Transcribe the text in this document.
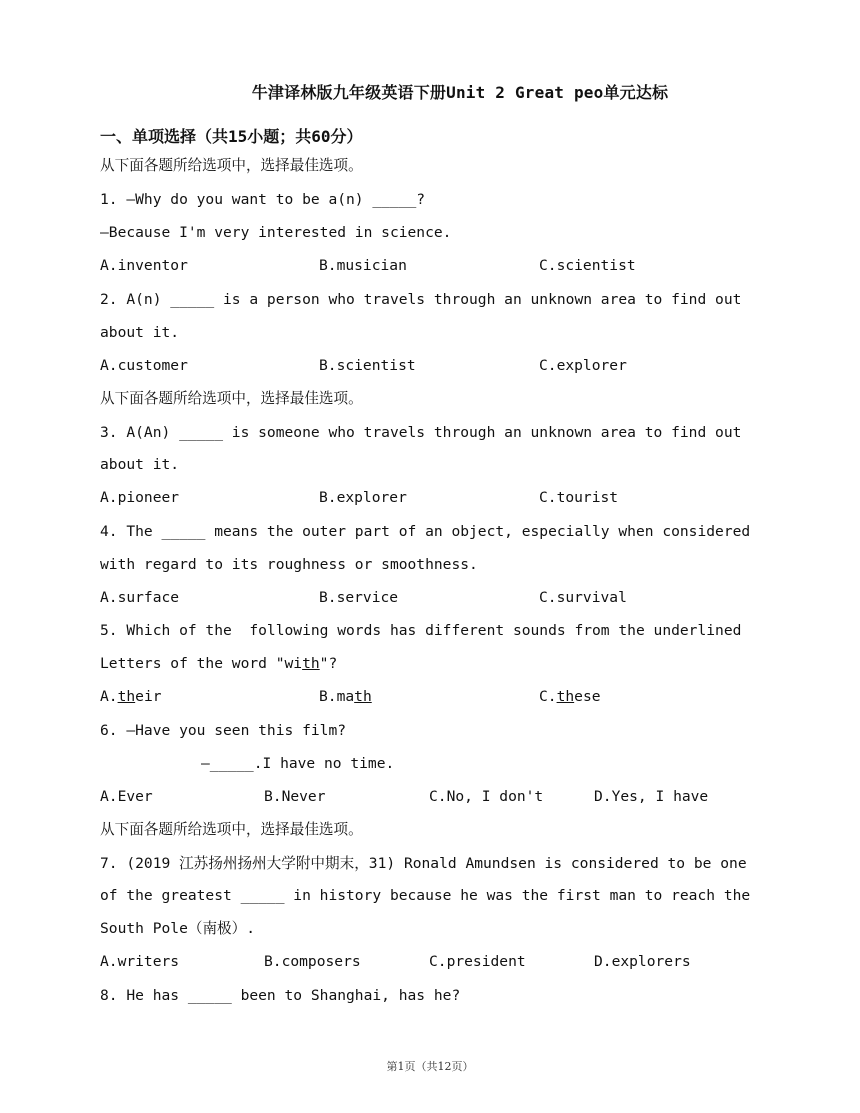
牛津译林版九年级英语下册Unit 2 Great peo单元达标
一、单项选择（共15小题；共60分）
从下面各题所给选项中，选择最佳选项。
1. —Why do you want to be a(n) _____?
—Because I'm very interested in science.
A.inventor	B.musician	C.scientist
2. A(n) _____ is a person who travels through an unknown area to find out
about it.
A.customer	B.scientist	C.explorer
从下面各题所给选项中，选择最佳选项。
3. A(An) _____ is someone who travels through an unknown area to find out
about it.
A.pioneer	B.explorer	C.tourist
4. The _____ means the outer part of an object, especially when considered
with regard to its roughness or smoothness.
A.surface	B.service	C.survival
5. Which of the  following words has different sounds from the underlined
Letters of the word "with"?
A.their	B.math	C.these
6. —Have you seen this film?
—_____.I have no time.
A.Ever	B.Never	C.No, I don't	D.Yes, I have
从下面各题所给选项中，选择最佳选项。
7. (2019 江苏扬州扬州大学附中期末，31) Ronald Amundsen is considered to be one
of the greatest _____ in history because he was the first man to reach the
South Pole（南极）.
A.writers	B.composers	C.president	D.explorers
8. He has _____ been to Shanghai, has he?
第1页（共12页）
